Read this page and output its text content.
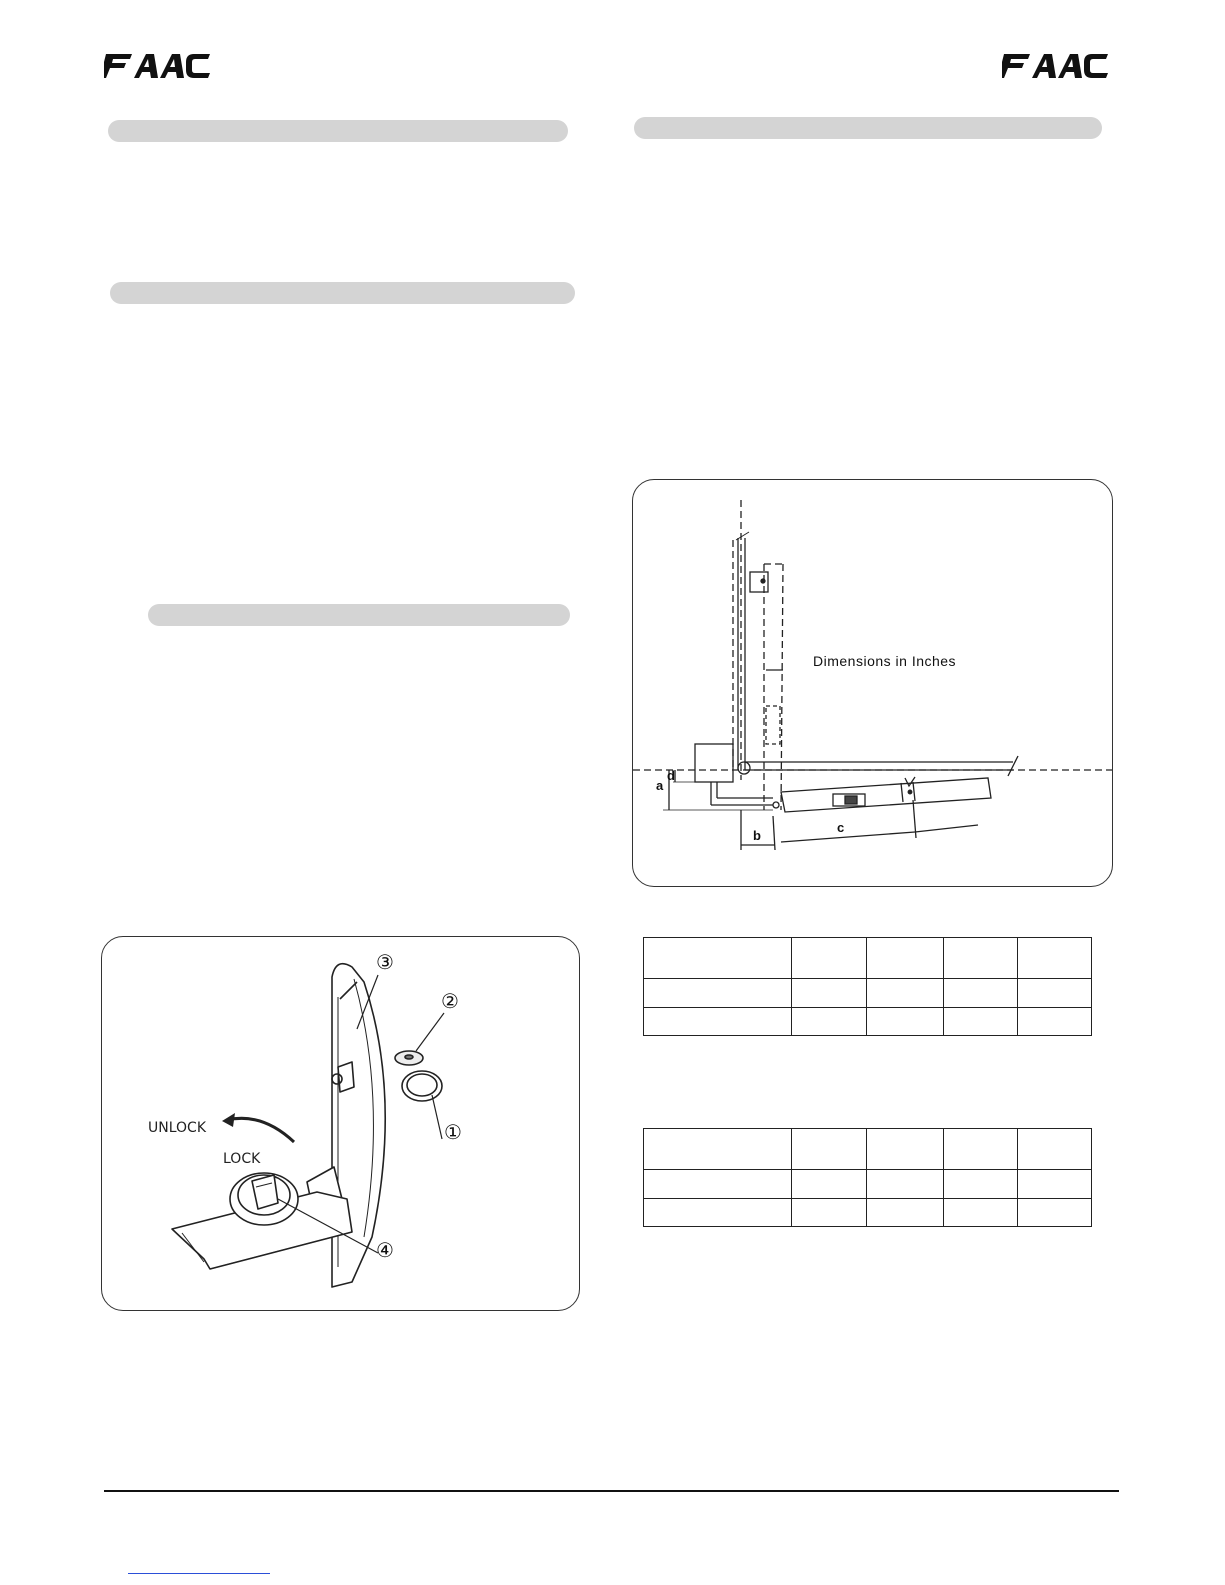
a
d
b
c
Dimensions in Inches

③
②
①
④
UNLOCK
LOCK
